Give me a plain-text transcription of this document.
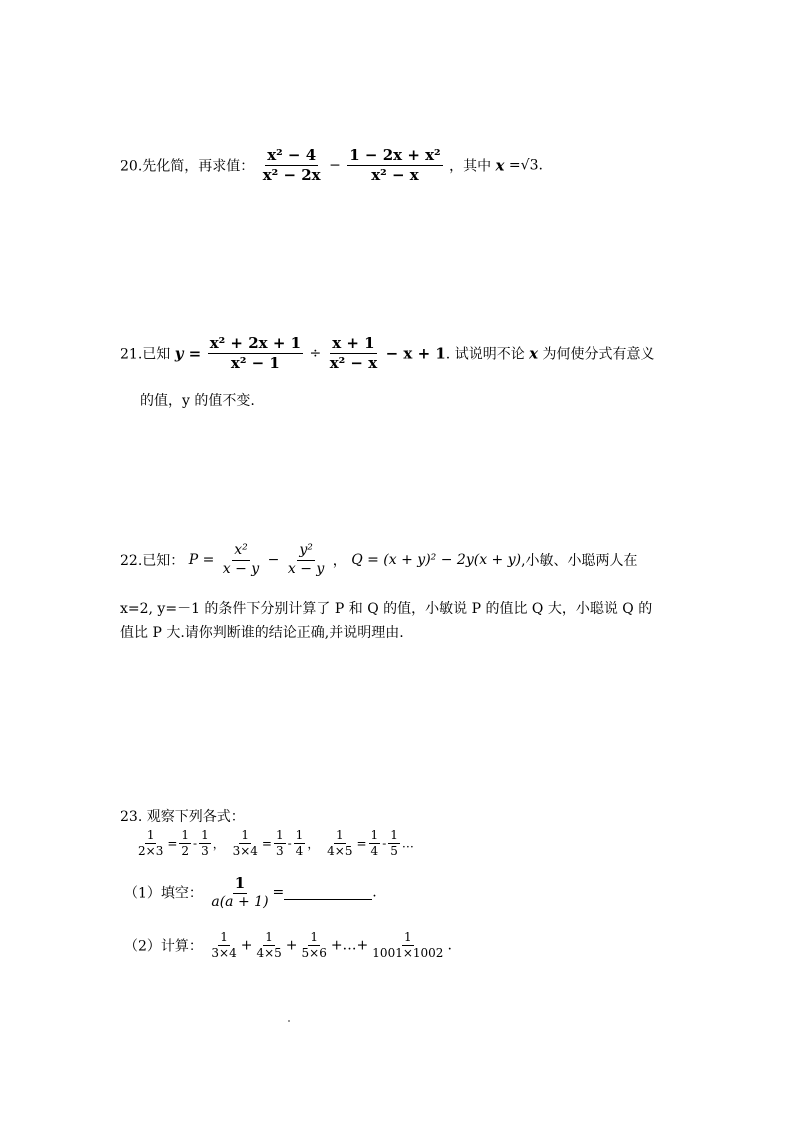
20.先化简，再求值： $\frac{\text{x² − 4}}{\text{x² − 2x}} - \frac{\text{1 − 2x + x²}}{\text{x² − x}}$ ，其中 x =√3.
21.已知 $y = \frac{\text{x² + 2x + 1}}{\text{x² − 1}} \div \frac{x + 1}{\text{x² − x}} - x + 1$. 试说明不论 x 为何使分式有意义
的值，y 的值不变.
22.已知： $P = \frac{\text{x²}}{x - y} - \frac{\text{y²}}{x - y}$ ， Q = (x + y)² − 2y(x + y),小敏、小聪两人在
x=2, y=－1 的条件下分别计算了 P 和 Q 的值，小敏说 P 的值比 Q 大，小聪说 Q 的
值比 P 大.请你判断谁的结论正确,并说明理由.
23. 观察下列各式：
$\frac{1}{2\times 3} = \frac{1}{2} - \frac{1}{3}$ ， $\frac{1}{3\times 4} = \frac{1}{3} - \frac{1}{4}$ ， $\frac{1}{4\times 5} = \frac{1}{4} - \frac{1}{5}$ …
（1）填空： $\frac{1}{a(a + 1)}$ =	.
（2）计算： $\frac{1}{3\times 4} + \frac{1}{4\times 5} + \frac{1}{5\times 6}$ +…+ $\frac{1}{1001\times 1002}$ .
